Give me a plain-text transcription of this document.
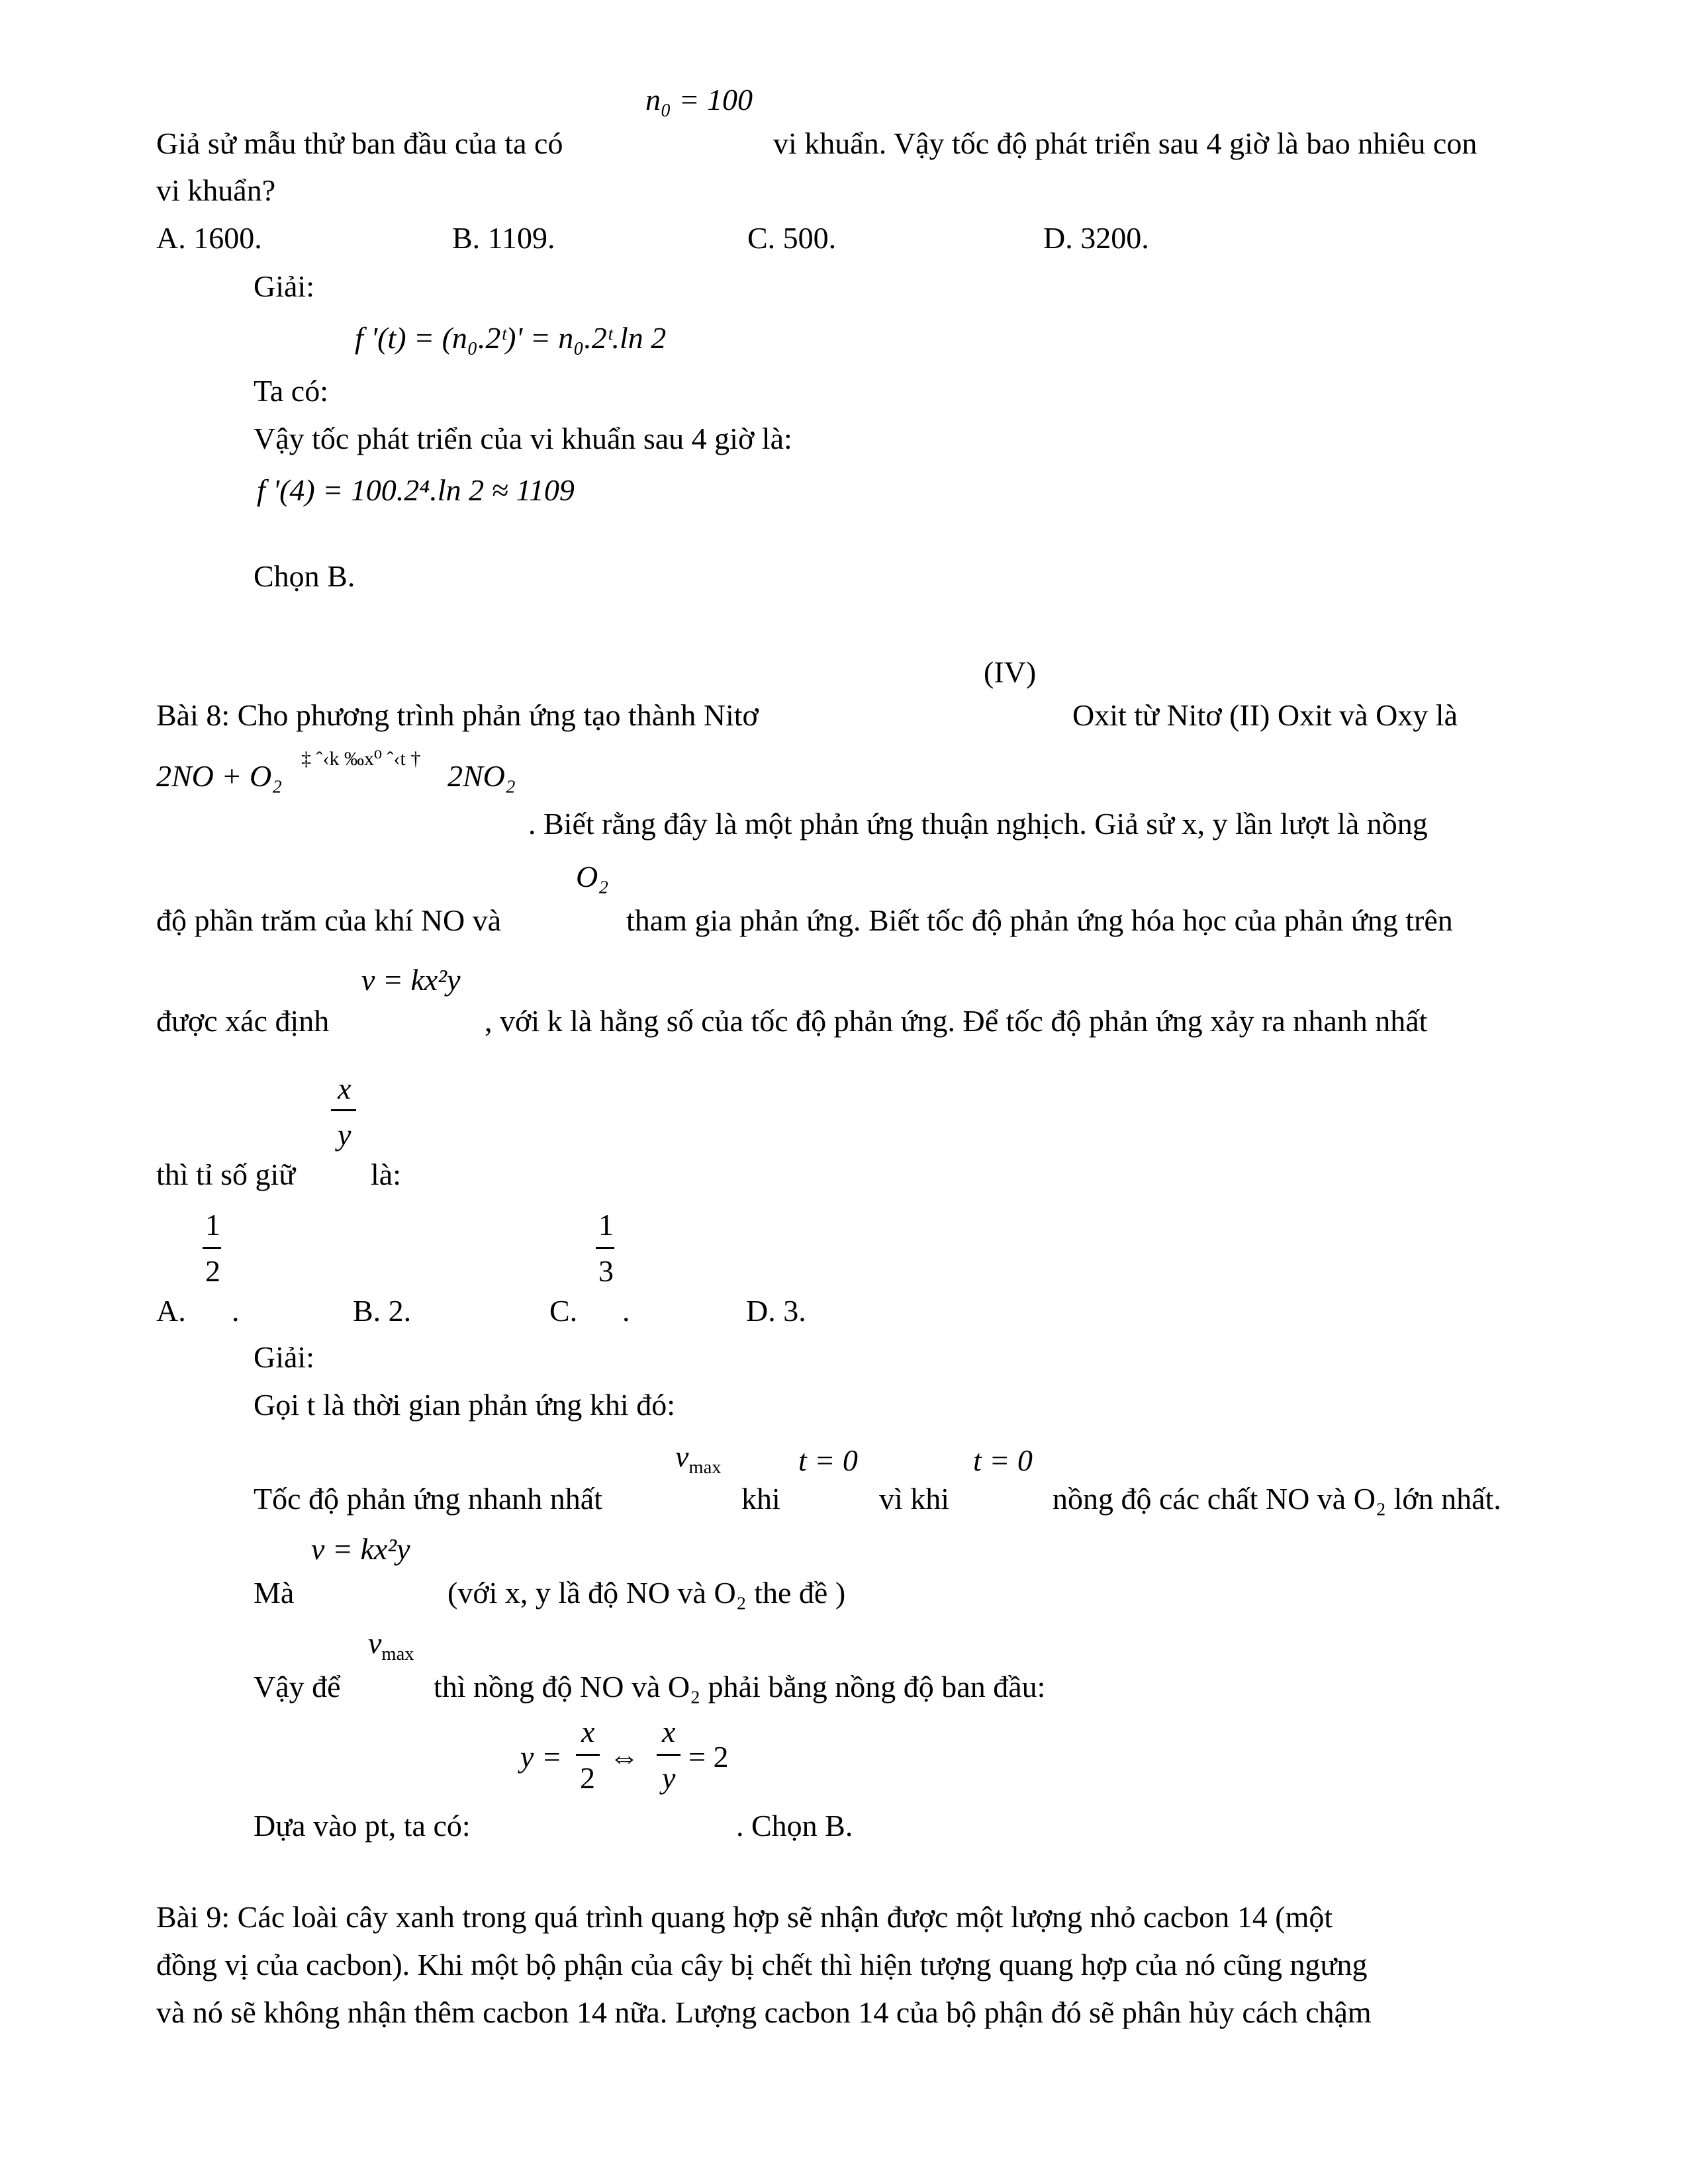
n₀ = 100
Giả sử mẫu thử ban đầu của ta có	vi khuẩn. Vậy tốc độ phát triển sau 4 giờ là bao nhiêu con
vi khuẩn?
A. 1600.	B. 1109.	C. 500.	D. 3200.
Giải:
f '(t) = (n₀.2ᵗ)' = n₀.2ᵗ.ln 2
Ta có:
Vậy tốc phát triển của vi khuẩn sau 4 giờ là:
f '(4) = 100.2⁴.ln 2 ≈ 1109
Chọn B.
(IV)
Bài 8: Cho phương trình phản ứng tạo thành Nitơ	Oxit từ Nitơ (II) Oxit và Oxy là
2NO + O₂
‡ ˆ‹k ‰x⁰ ˆ‹t †
2NO₂
. Biết rằng đây là một phản ứng thuận nghịch. Giả sử x, y lần lượt là nồng
O₂
độ phần trăm của khí NO và	tham gia phản ứng. Biết tốc độ phản ứng hóa học của phản ứng trên
v = kx²y
được xác định	, với k là hằng số của tốc độ phản ứng. Để tốc độ phản ứng xảy ra nhanh nhất
x
y
thì tỉ số giữ là:
1
2
A. .	B. 2.
1
3
C. .	D. 3.
Giải:
Gọi t là thời gian phản ứng khi đó:
$v_{max}$	t = 0	t = 0
Tốc độ phản ứng nhanh nhất	khi	vì khi	nồng độ các chất NO và O₂ lớn nhất.
v = kx²y
Mà	(với x, y lầ độ NO và O₂ the đề )
$v_{max}$
Vậy để	thì nồng độ NO và O₂ phải bằng nồng độ ban đầu:
y =
x
2
⇔
x
y
= 2
Dựa vào pt, ta có:	. Chọn B.
Bài 9: Các loài cây xanh trong quá trình quang hợp sẽ nhận được một lượng nhỏ cacbon 14 (một
đồng vị của cacbon). Khi một bộ phận của cây bị chết thì hiện tượng quang hợp của nó cũng ngưng
và nó sẽ không nhận thêm cacbon 14 nữa. Lượng cacbon 14 của bộ phận đó sẽ phân hủy cách chậm
